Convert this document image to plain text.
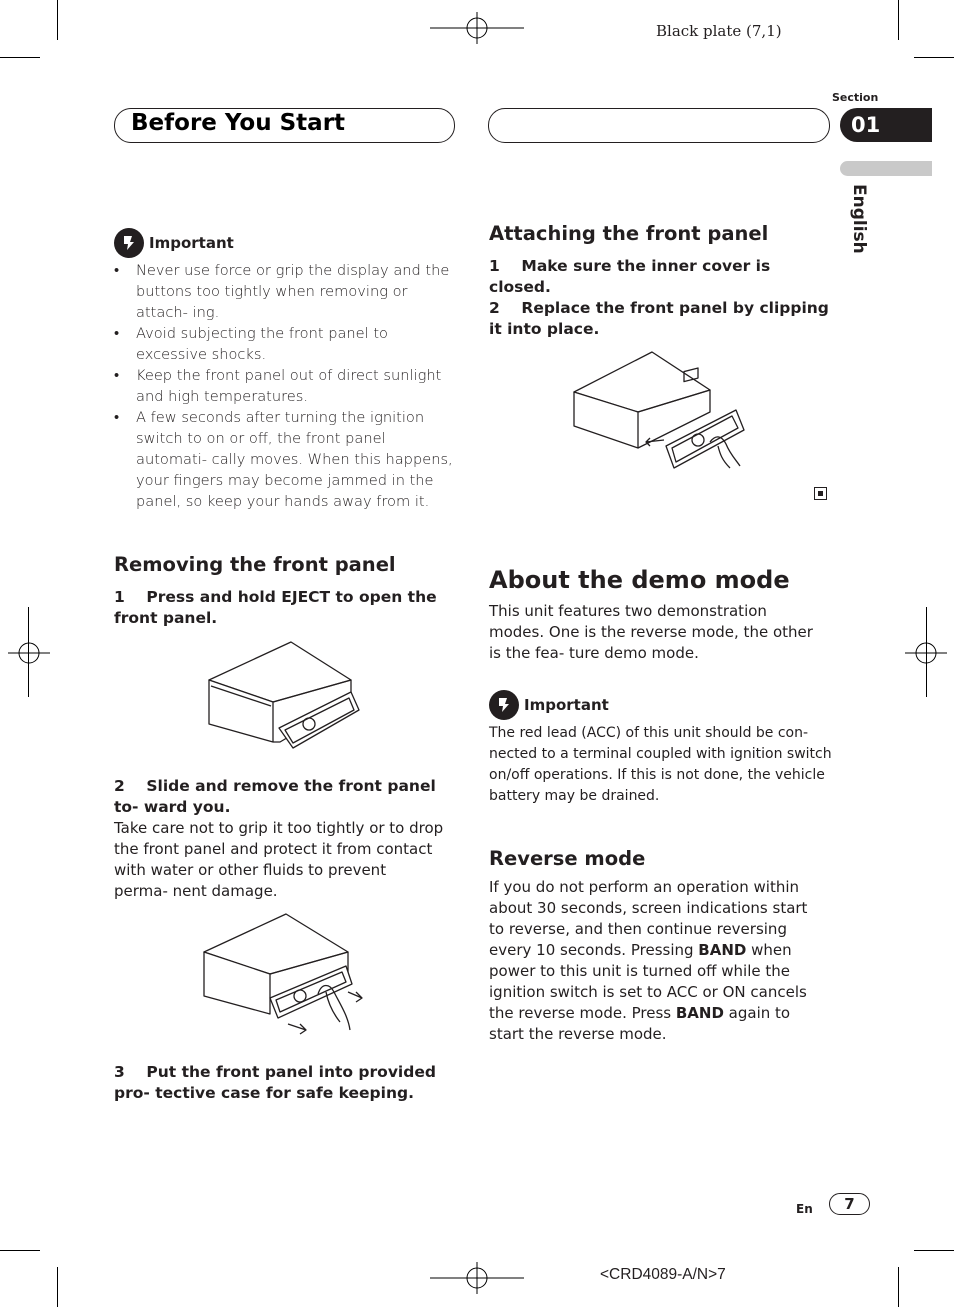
Black plate (7,1)
Before You Start
Section
01
English
Important
• Never use force or grip the display and the buttons too tightly when removing or attach- ing.
• Avoid subjecting the front panel to excessive shocks.
• Keep the front panel out of direct sunlight and high temperatures.
• A few seconds after turning the ignition switch to on or off, the front panel automati- cally moves. When this happens, your fingers may become jammed in the panel, so keep your hands away from it.
Removing the front panel
1 Press and hold EJECT to open the front panel.
2 Slide and remove the front panel to- ward you.
Take care not to grip it too tightly or to drop the front panel and protect it from contact with water or other fluids to prevent perma- nent damage.
3 Put the front panel into provided pro- tective case for safe keeping.
Attaching the front panel
1 Make sure the inner cover is closed.
2 Replace the front panel by clipping it into place.
About the demo mode
This unit features two demonstration modes. One is the reverse mode, the other is the fea- ture demo mode.
Important
The red lead (ACC) of this unit should be con- nected to a terminal coupled with ignition switch on/off operations. If this is not done, the vehicle battery may be drained.
Reverse mode
If you do not perform an operation within about 30 seconds, screen indications start to reverse, and then continue reversing every 10 seconds. Pressing BAND when power to this unit is turned off while the ignition switch is set to ACC or ON cancels the reverse mode. Press BAND again to start the reverse mode.
En	7
<CRD4089-A/N>7
